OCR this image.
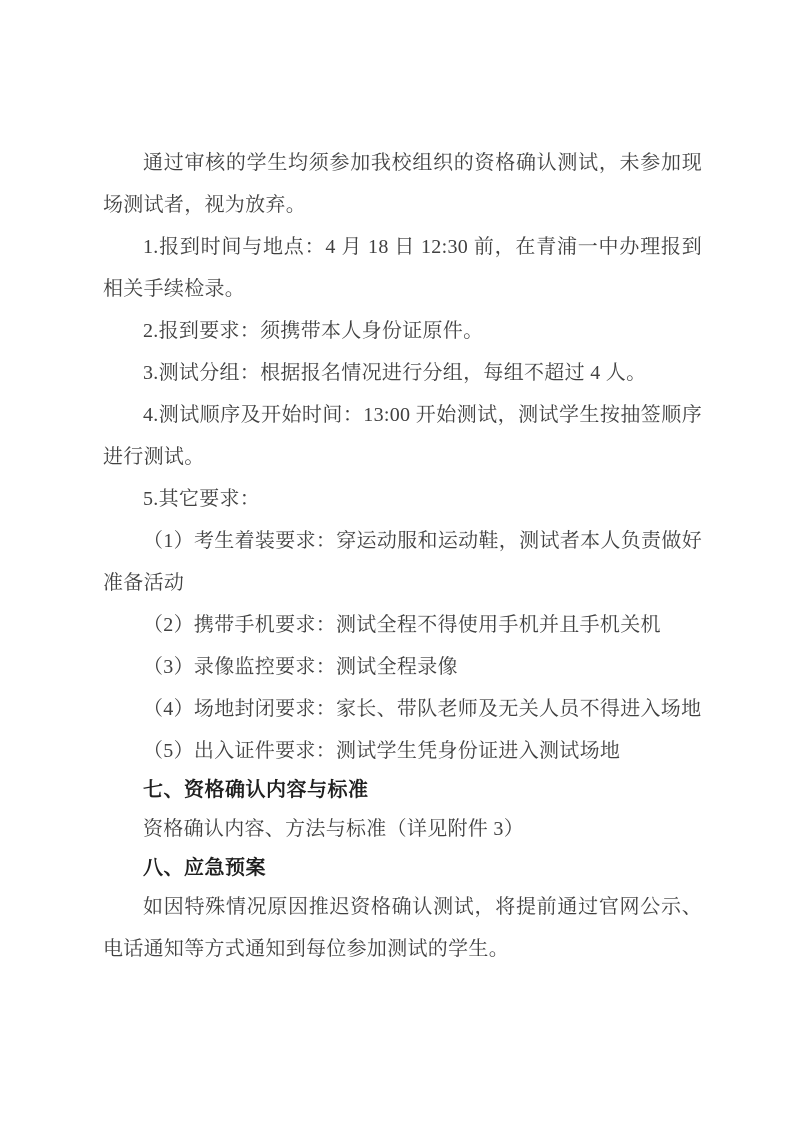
通过审核的学生均须参加我校组织的资格确认测试，未参加现场测试者，视为放弃。

1.报到时间与地点：4 月 18 日 12:30 前，在青浦一中办理报到相关手续检录。

2.报到要求：须携带本人身份证原件。

3.测试分组：根据报名情况进行分组，每组不超过 4 人。

4.测试顺序及开始时间：13:00 开始测试，测试学生按抽签顺序进行测试。

5.其它要求：

（1）考生着装要求：穿运动服和运动鞋，测试者本人负责做好准备活动

（2）携带手机要求：测试全程不得使用手机并且手机关机

（3）录像监控要求：测试全程录像

（4）场地封闭要求：家长、带队老师及无关人员不得进入场地

（5）出入证件要求：测试学生凭身份证进入测试场地

七、资格确认内容与标准

资格确认内容、方法与标准（详见附件 3）

八、应急预案

如因特殊情况原因推迟资格确认测试，将提前通过官网公示、电话通知等方式通知到每位参加测试的学生。
